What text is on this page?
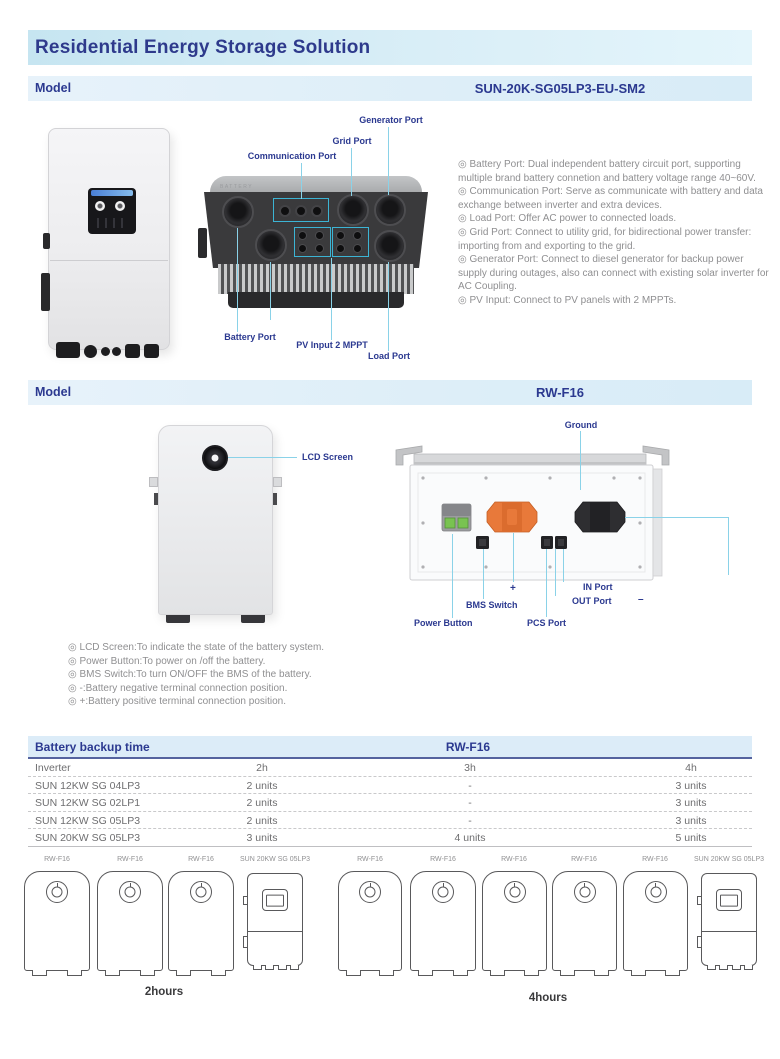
Residential Energy Storage Solution
Model	SUN-20K-SG05LP3-EU-SM2
BATTERY
Generator Port
Grid Port
Communication Port
Battery Port
PV Input 2 MPPT
Load Port

◎ Battery Port: Dual independent battery circuit port, supporting multiple brand battery connetion and battery voltage range 40~60V.

◎ Communication Port: Serve as communicate with battery and data exchange between inverter and extra devices.

◎ Load Port: Offer AC power to connected loads.

◎ Grid Port: Connect to utility grid, for bidirectional power transfer: importing from and exporting to the grid.

◎ Generator Port: Connect to diesel generator for backup power supply during outages, also can connect with existing solar inverter for AC Coupling.

◎ PV Input: Connect to PV panels with 2 MPPTs.

Model	RW-F16
LCD Screen
Ground
Power Button
BMS Switch
+
PCS Port
OUT Port
IN Port
–

◎ LCD Screen:To indicate the state of the battery system.

◎ Power Button:To power on /off the battery.

◎ BMS Switch:To turn ON/OFF the BMS of the battery.

◎ -:Battery negative terminal connection position.

◎ +:Battery positive terminal connection position.

Battery backup time	RW-F16
Inverter	2h	3h	4h
SUN 12KW SG 04LP3	2 units	-	3 units
SUN 12KW SG 02LP1	2 units	-	3 units
SUN 12KW SG 05LP3	2 units	-	3 units
SUN 20KW SG 05LP3	3 units	4 units	5 units
RW-F16	RW-F16	RW-F16	SUN 20KW SG 05LP3
2hours
RW-F16	RW-F16	RW-F16	RW-F16	RW-F16	SUN 20KW SG 05LP3
4hours
